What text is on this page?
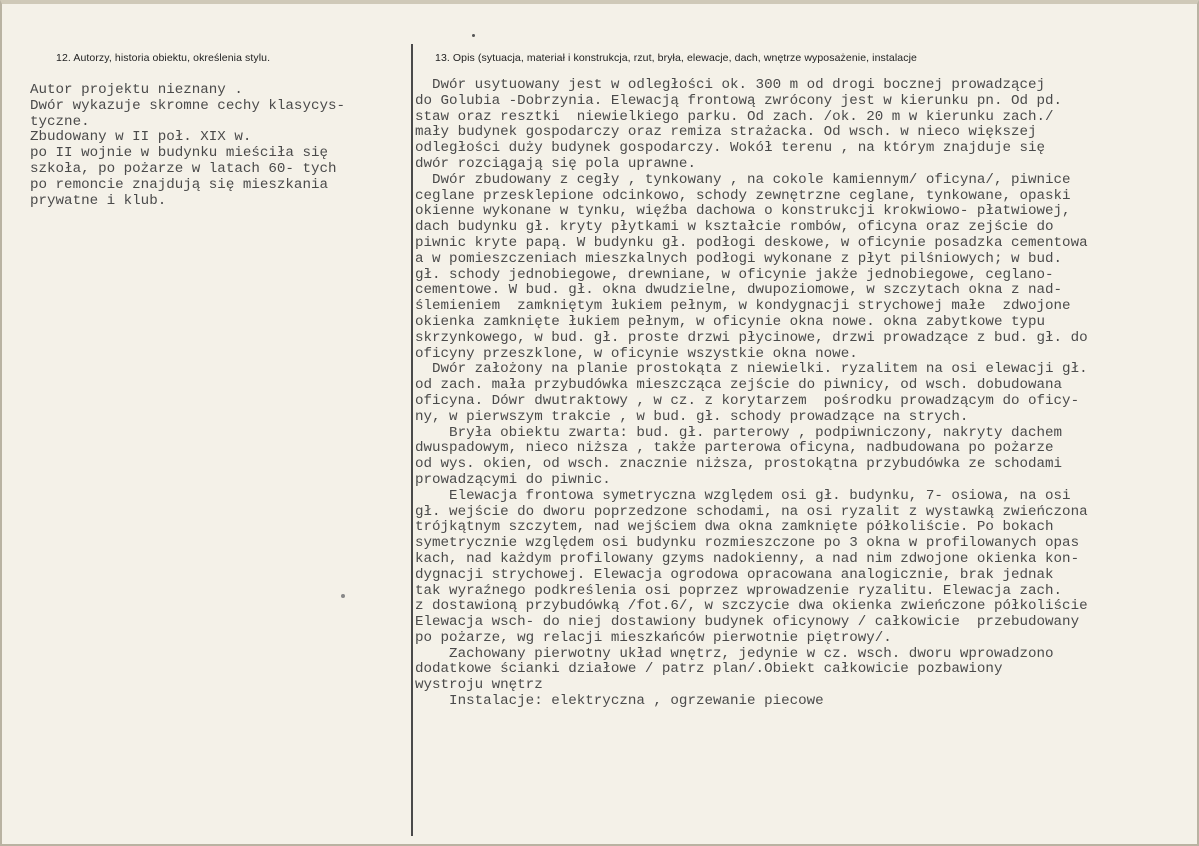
12. Autorzy, historia obiektu, określenia stylu.	13. Opis (sytuacja, materiał i konstrukcja, rzut, bryła, elewacje, dach, wnętrze wyposażenie, instalacje
Autor projektu nieznany .
Dwór wykazuje skromne cechy klasycys-
tyczne.
Zbudowany w II poł. XIX w.
po II wojnie w budynku mieściła się
szkoła, po pożarze w latach 60- tych
po remoncie znajdują się mieszkania
prywatne i klub.
Dwór usytuowany jest w odległości ok. 300 m od drogi bocznej prowadzącej
do Golubia -Dobrzynia. Elewacją frontową zwrócony jest w kierunku pn. Od pd.
staw oraz resztki  niewielkiego parku. Od zach. /ok. 20 m w kierunku zach./
mały budynek gospodarczy oraz remiza strażacka. Od wsch. w nieco większej
odległości duży budynek gospodarczy. Wokół terenu , na którym znajduje się
dwór rozciągają się pola uprawne.
Dwór zbudowany z cegły , tynkowany , na cokole kamiennym/ oficyna/, piwnice
ceglane przesklepione odcinkowo, schody zewnętrzne ceglane, tynkowane, opaski
okienne wykonane w tynku, więźba dachowa o konstrukcji krokwiowo- płatwiowej,
dach budynku gł. kryty płytkami w kształcie rombów, oficyna oraz zejście do
piwnic kryte papą. W budynku gł. podłogi deskowe, w oficynie posadzka cementowa
a w pomieszczeniach mieszkalnych podłogi wykonane z płyt pilśniowych; w bud.
gł. schody jednobiegowe, drewniane, w oficynie jakże jednobiegowe, ceglano-
cementowe. W bud. gł. okna dwudzielne, dwupoziomowe, w szczytach okna z nad-
ślemieniem  zamkniętym łukiem pełnym, w kondygnacji strychowej małe  zdwojone
okienka zamknięte łukiem pełnym, w oficynie okna nowe. okna zabytkowe typu
skrzynkowego, w bud. gł. proste drzwi płycinowe, drzwi prowadzące z bud. gł. do
oficyny przeszklone, w oficynie wszystkie okna nowe.
Dwór założony na planie prostokąta z niewielki. ryzalitem na osi elewacji gł.
od zach. mała przybudówka mieszcząca zejście do piwnicy, od wsch. dobudowana
oficyna. Dówr dwutraktowy , w cz. z korytarzem  pośrodku prowadzącym do oficy-
ny, w pierwszym trakcie , w bud. gł. schody prowadzące na strych.
Bryła obiektu zwarta: bud. gł. parterowy , podpiwniczony, nakryty dachem
dwuspadowym, nieco niższa , także parterowa oficyna, nadbudowana po pożarze
od wys. okien, od wsch. znacznie niższa, prostokątna przybudówka ze schodami
prowadzącymi do piwnic.
Elewacja frontowa symetryczna względem osi gł. budynku, 7- osiowa, na osi
gł. wejście do dworu poprzedzone schodami, na osi ryzalit z wystawką zwieńczona
trójkątnym szczytem, nad wejściem dwa okna zamknięte półkoliście. Po bokach
symetrycznie względem osi budynku rozmieszczone po 3 okna w profilowanych opas
kach, nad każdym profilowany gzyms nadokienny, a nad nim zdwojone okienka kon-
dygnacji strychowej. Elewacja ogrodowa opracowana analogicznie, brak jednak
tak wyraźnego podkreślenia osi poprzez wprowadzenie ryzalitu. Elewacja zach.
z dostawioną przybudówką /fot.6/, w szczycie dwa okienka zwieńczone półkoliście
Elewacja wsch- do niej dostawiony budynek oficynowy / całkowicie  przebudowany
po pożarze, wg relacji mieszkańców pierwotnie piętrowy/.
Zachowany pierwotny układ wnętrz, jedynie w cz. wsch. dworu wprowadzono
dodatkowe ścianki działowe / patrz plan/.Obiekt całkowicie pozbawiony
wystroju wnętrz
Instalacje: elektryczna , ogrzewanie piecowe
